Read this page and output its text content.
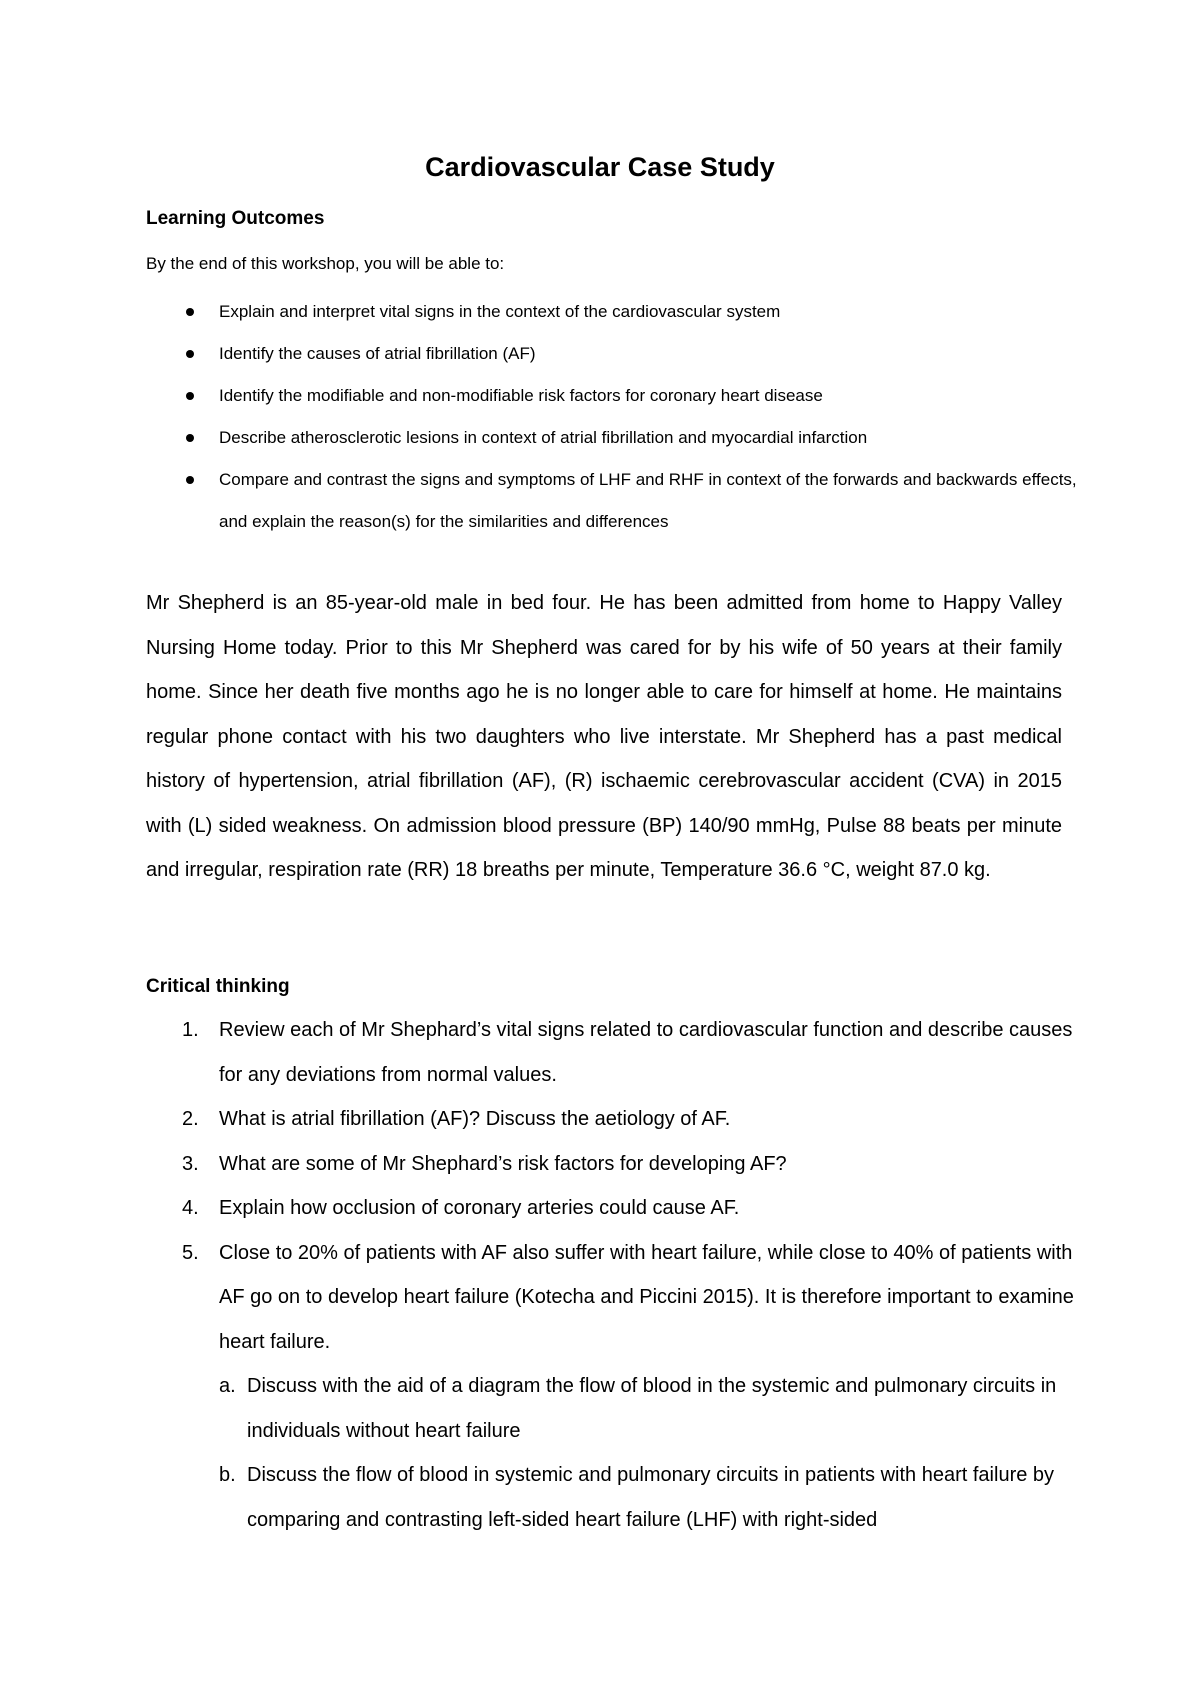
Cardiovascular Case Study
Learning Outcomes

By the end of this workshop, you will be able to:

Explain and interpret vital signs in the context of the cardiovascular system
Identify the causes of atrial fibrillation (AF)
Identify the modifiable and non-modifiable risk factors for coronary heart disease
Describe atherosclerotic lesions in context of atrial fibrillation and myocardial infarction
Compare and contrast the signs and symptoms of LHF and RHF in context of the forwards and backwards effects, and explain the reason(s) for the similarities and differences

Mr Shepherd is an 85-year-old male in bed four. He has been admitted from home to Happy Valley Nursing Home today. Prior to this Mr Shepherd was cared for by his wife of 50 years at their family home. Since her death five months ago he is no longer able to care for himself at home. He maintains regular phone contact with his two daughters who live interstate. Mr Shepherd has a past medical history of hypertension, atrial fibrillation (AF), (R) ischaemic cerebrovascular accident (CVA) in 2015 with (L) sided weakness. On admission blood pressure (BP) 140/90 mmHg, Pulse 88 beats per minute and irregular, respiration rate (RR) 18 breaths per minute, Temperature 36.6 °C, weight 87.0 kg.

Critical thinking
1. Review each of Mr Shephard’s vital signs related to cardiovascular function and describe causes for any deviations from normal values.
2. What is atrial fibrillation (AF)? Discuss the aetiology of AF.
3. What are some of Mr Shephard’s risk factors for developing AF?
4. Explain how occlusion of coronary arteries could cause AF.
5. Close to 20% of patients with AF also suffer with heart failure, while close to 40% of patients with AF go on to develop heart failure (Kotecha and Piccini 2015). It is therefore important to examine heart failure.
a. Discuss with the aid of a diagram the flow of blood in the systemic and pulmonary circuits in individuals without heart failure
b. Discuss the flow of blood in systemic and pulmonary circuits in patients with heart failure by comparing and contrasting left-sided heart failure (LHF) with right-sided
